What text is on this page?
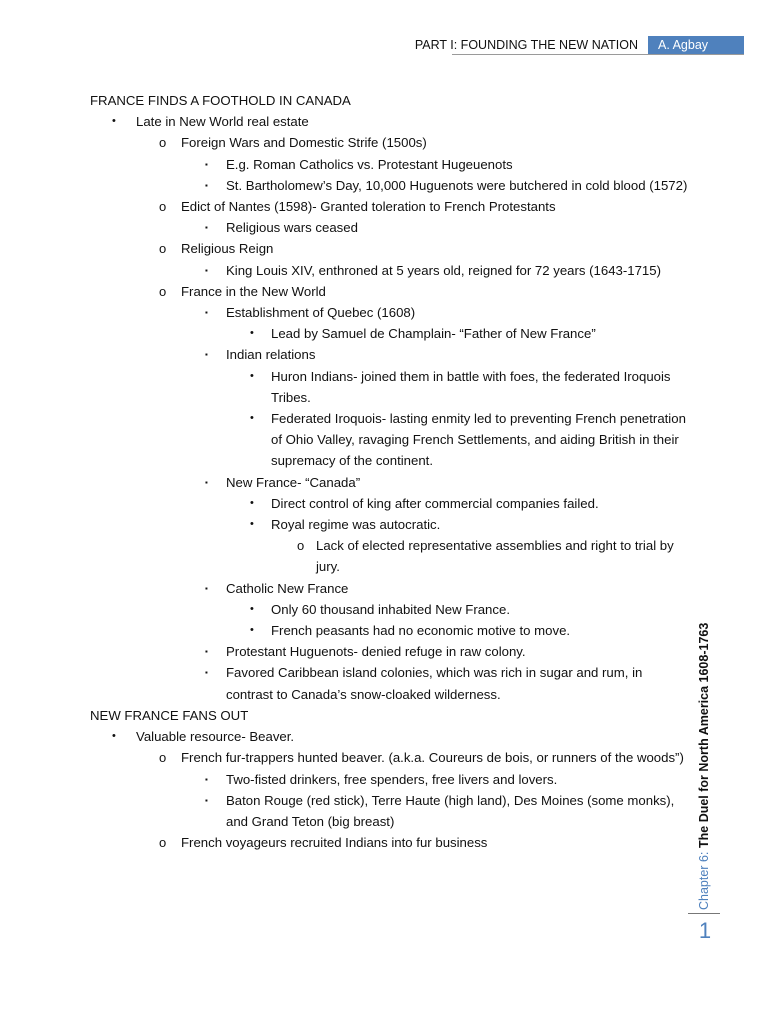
PART I: FOUNDING THE NEW NATION	A. Agbay
FRANCE FINDS A FOOTHOLD IN CANADA
• Late in New World real estate
o Foreign Wars and Domestic Strife (1500s)
▪ E.g. Roman Catholics vs. Protestant Hugeuenots
▪ St. Bartholomew’s Day, 10,000 Huguenots were butchered in cold blood (1572)
o Edict of Nantes (1598)- Granted toleration to French Protestants
▪ Religious wars ceased
o Religious Reign
▪ King Louis XIV, enthroned at 5 years old, reigned for 72 years (1643-1715)
o France in the New World
▪ Establishment of Quebec (1608)
• Lead by Samuel de Champlain- “Father of New France”
▪ Indian relations
• Huron Indians- joined them in battle with foes, the federated Iroquois Tribes.
• Federated Iroquois- lasting enmity led to preventing French penetration of Ohio Valley, ravaging French Settlements, and aiding British in their supremacy of the continent.
▪ New France- “Canada”
• Direct control of king after commercial companies failed.
• Royal regime was autocratic.
o Lack of elected representative assemblies and right to trial by jury.
▪ Catholic New France
• Only 60 thousand inhabited New France.
• French peasants had no economic motive to move.
▪ Protestant Huguenots- denied refuge in raw colony.
▪ Favored Caribbean island colonies, which was rich in sugar and rum, in contrast to Canada’s snow-cloaked wilderness.
NEW FRANCE FANS OUT
• Valuable resource- Beaver.
o French fur-trappers hunted beaver. (a.k.a. Coureurs de bois, or runners of the woods”)
▪ Two-fisted drinkers, free spenders, free livers and lovers.
▪ Baton Rouge (red stick), Terre Haute (high land), Des Moines (some monks), and Grand Teton (big breast)
o French voyageurs recruited Indians into fur business
Chapter 6:
The Duel for North America 1608-1763
1
